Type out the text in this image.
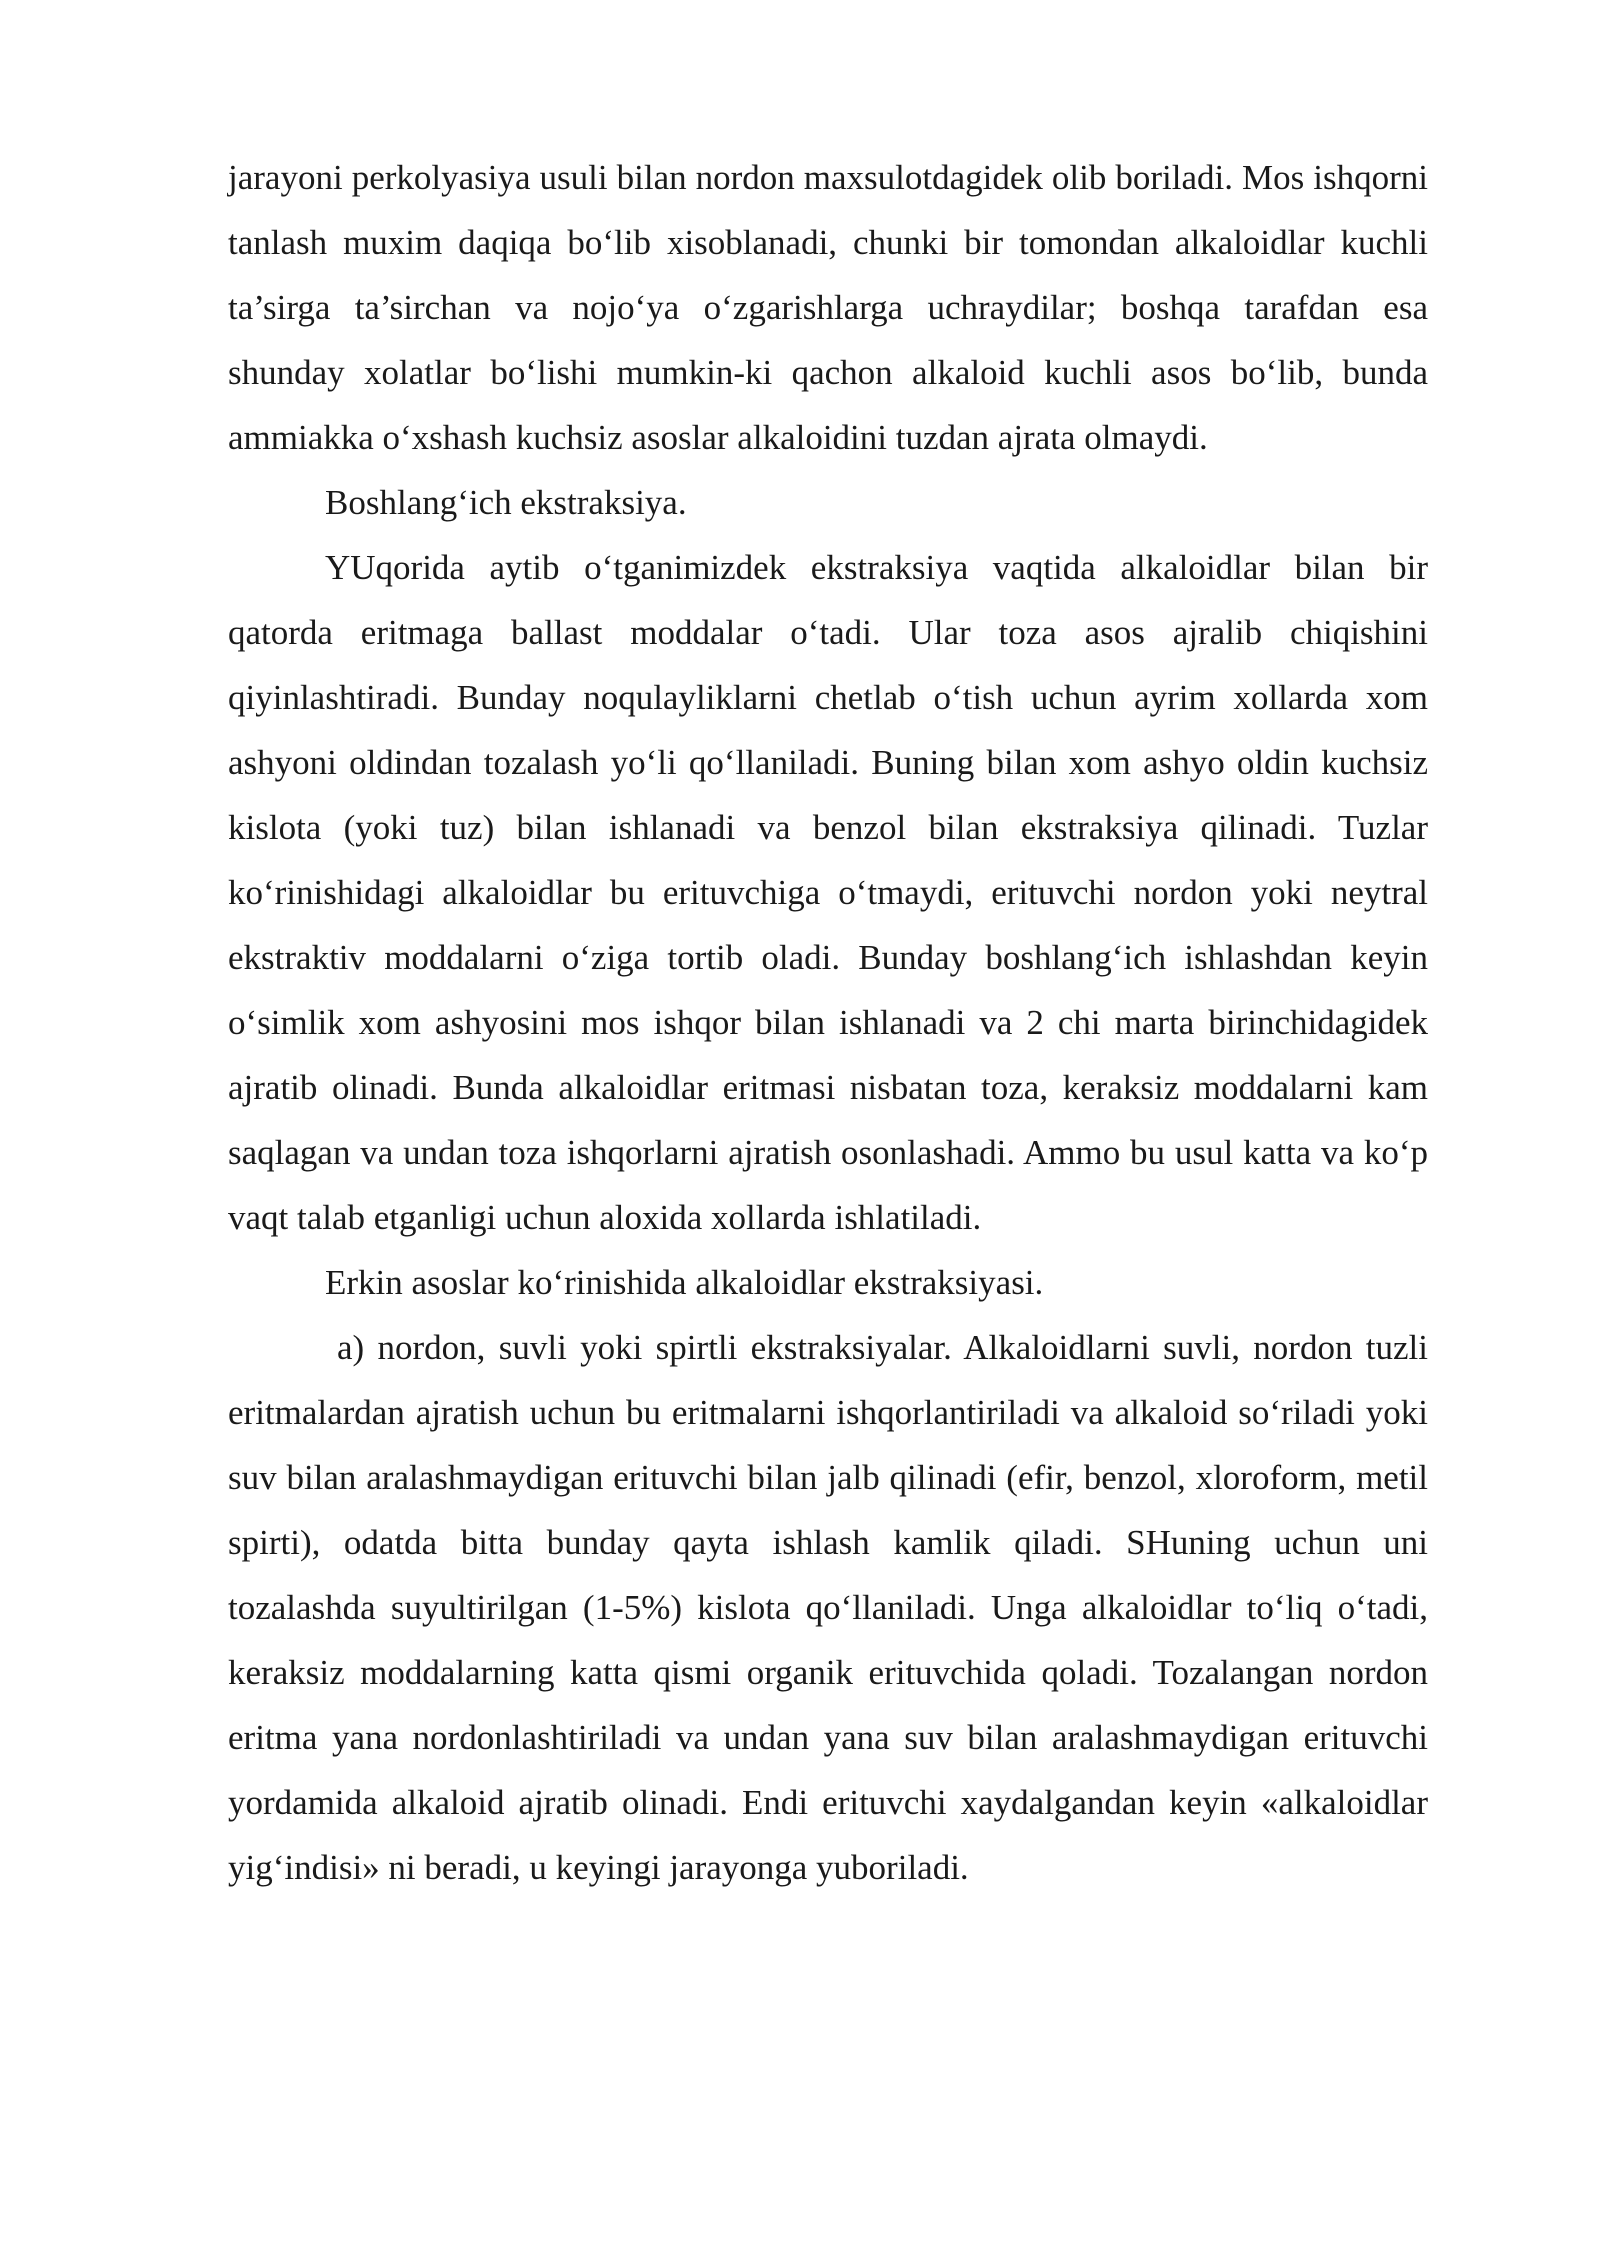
jarayoni perkolyasiya usuli bilan nordon maxsulotdagidek olib boriladi. Mos ishqorni tanlash muxim daqiqa bo‘lib xisoblanadi, chunki bir tomondan alkaloidlar kuchli ta’sirga ta’sirchan va nojo‘ya o‘zgarishlarga uchraydilar; boshqa tarafdan esa shunday xolatlar bo‘lishi mumkin-ki qachon alkaloid kuchli asos bo‘lib, bunda ammiakka o‘xshash kuchsiz asoslar alkaloidini tuzdan ajrata olmaydi.

Boshlang‘ich ekstraksiya.

YUqorida aytib o‘tganimizdek ekstraksiya vaqtida alkaloidlar bilan bir qatorda eritmaga ballast moddalar o‘tadi. Ular toza asos ajralib chiqishini qiyinlashtiradi. Bunday noqulayliklarni chetlab o‘tish uchun ayrim xollarda xom ashyoni oldindan tozalash yo‘li qo‘llaniladi. Buning bilan xom ashyo oldin kuchsiz kislota (yoki tuz) bilan ishlanadi va benzol bilan ekstraksiya qilinadi. Tuzlar ko‘rinishidagi alkaloidlar bu erituvchiga o‘tmaydi, erituvchi nordon yoki neytral ekstraktiv moddalarni o‘ziga tortib oladi. Bunday boshlang‘ich ishlashdan keyin o‘simlik xom ashyosini mos ishqor bilan ishlanadi va 2 chi marta birinchidagidek ajratib olinadi. Bunda alkaloidlar eritmasi nisbatan toza, keraksiz moddalarni kam saqlagan va undan toza ishqorlarni ajratish osonlashadi. Ammo bu usul katta va ko‘p vaqt talab etganligi uchun aloxida xollarda ishlatiladi.

Erkin asoslar ko‘rinishida alkaloidlar ekstraksiyasi.

a) nordon, suvli yoki spirtli ekstraksiyalar. Alkaloidlarni suvli, nordon tuzli eritmalardan ajratish uchun bu eritmalarni ishqorlantiriladi va alkaloid so‘riladi yoki suv bilan aralashmaydigan erituvchi bilan jalb qilinadi (efir, benzol, xloroform, metil spirti), odatda bitta bunday qayta ishlash kamlik qiladi. SHuning uchun uni tozalashda suyultirilgan (1-5%) kislota qo‘llaniladi. Unga alkaloidlar to‘liq o‘tadi, keraksiz moddalarning katta qismi organik erituvchida qoladi. Tozalangan nordon eritma yana nordonlashtiriladi va undan yana suv bilan aralashmaydigan erituvchi yordamida alkaloid ajratib olinadi. Endi erituvchi xaydalgandan keyin «alkaloidlar yig‘indisi» ni beradi, u keyingi jarayonga yuboriladi.
